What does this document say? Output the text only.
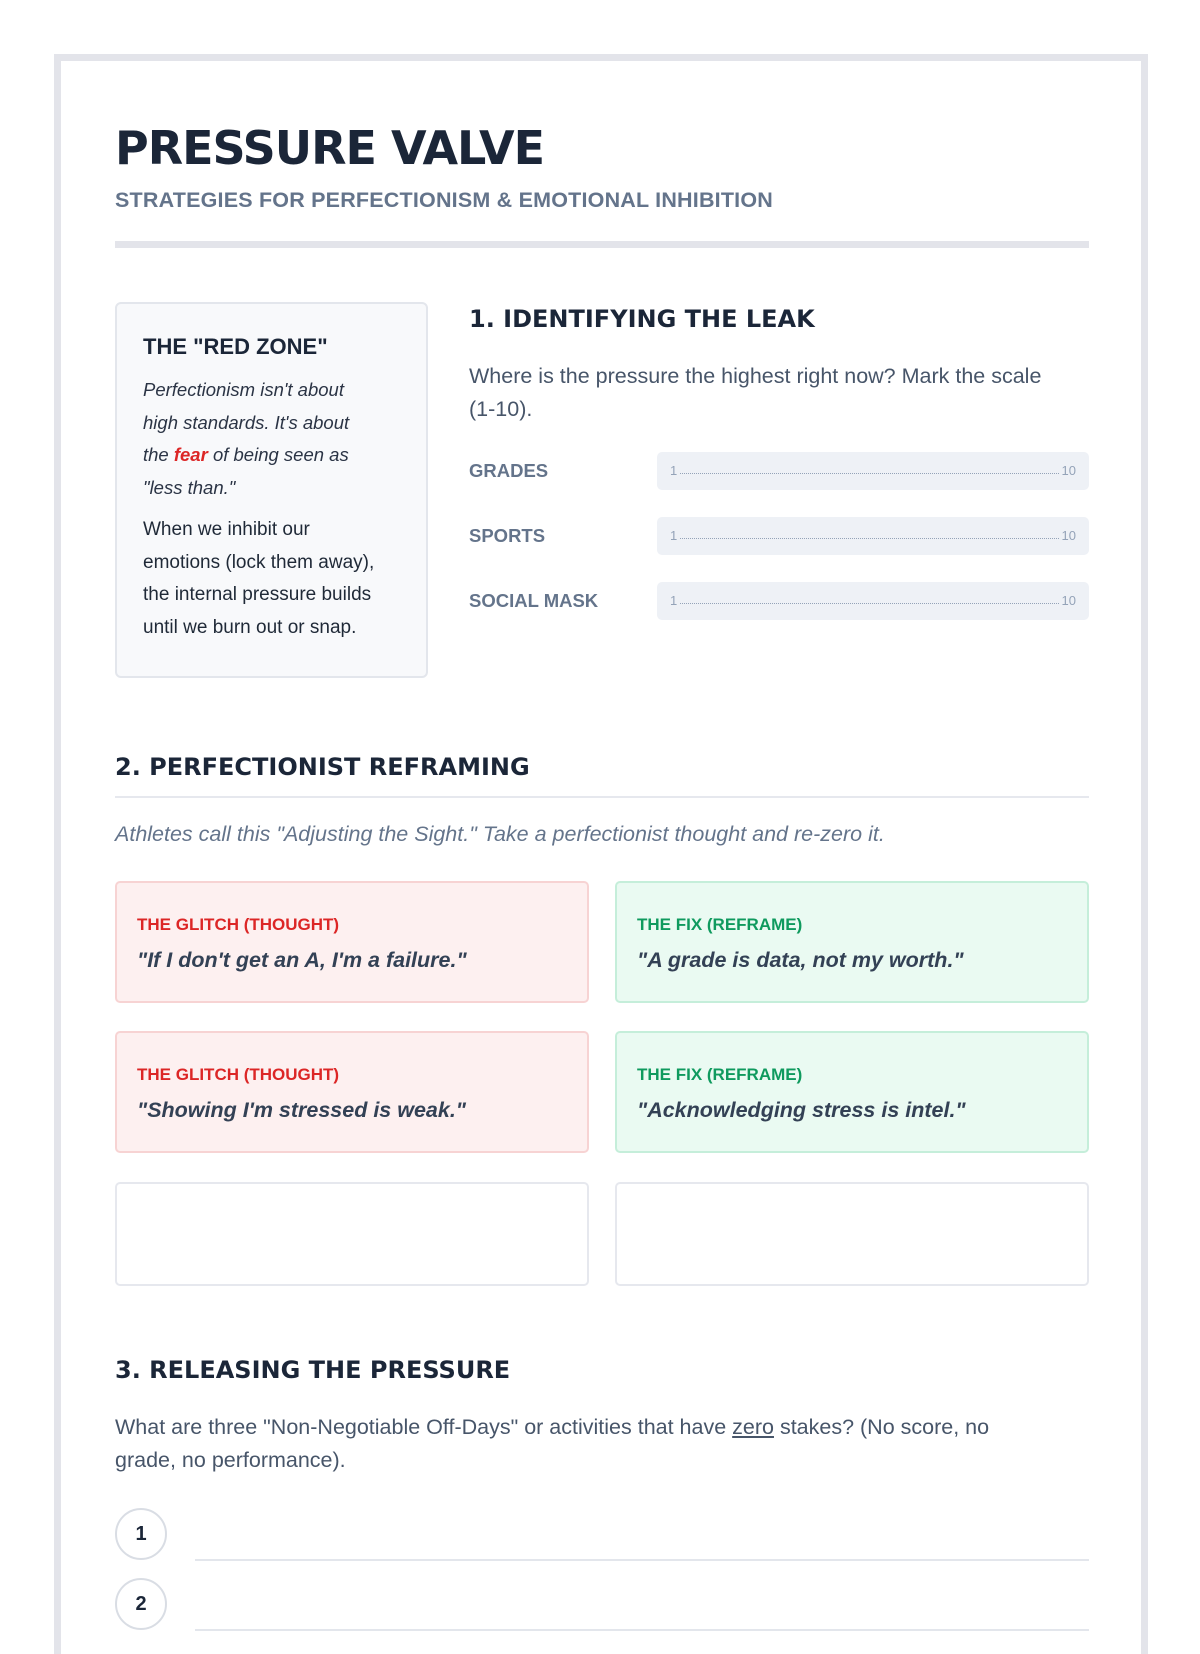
PRESSURE VALVE
STRATEGIES FOR PERFECTIONISM & EMOTIONAL INHIBITION
THE "RED ZONE"
Perfectionism isn't about
high standards. It's about
the fear of being seen as
"less than."
When we inhibit our
emotions (lock them away),
the internal pressure builds
until we burn out or snap.
1. IDENTIFYING THE LEAK
Where is the pressure the highest right now? Mark the scale
(1-10).
GRADES	1	10
SPORTS	1	10
SOCIAL MASK	1	10
2. PERFECTIONIST REFRAMING
Athletes call this "Adjusting the Sight." Take a perfectionist thought and re-zero it.
THE GLITCH (THOUGHT)
"If I don't get an A, I'm a failure."
THE FIX (REFRAME)
"A grade is data, not my worth."
THE GLITCH (THOUGHT)
"Showing I'm stressed is weak."
THE FIX (REFRAME)
"Acknowledging stress is intel."
3. RELEASING THE PRESSURE
What are three "Non-Negotiable Off-Days" or activities that have zero stakes? (No score, no
grade, no performance).
1
2
